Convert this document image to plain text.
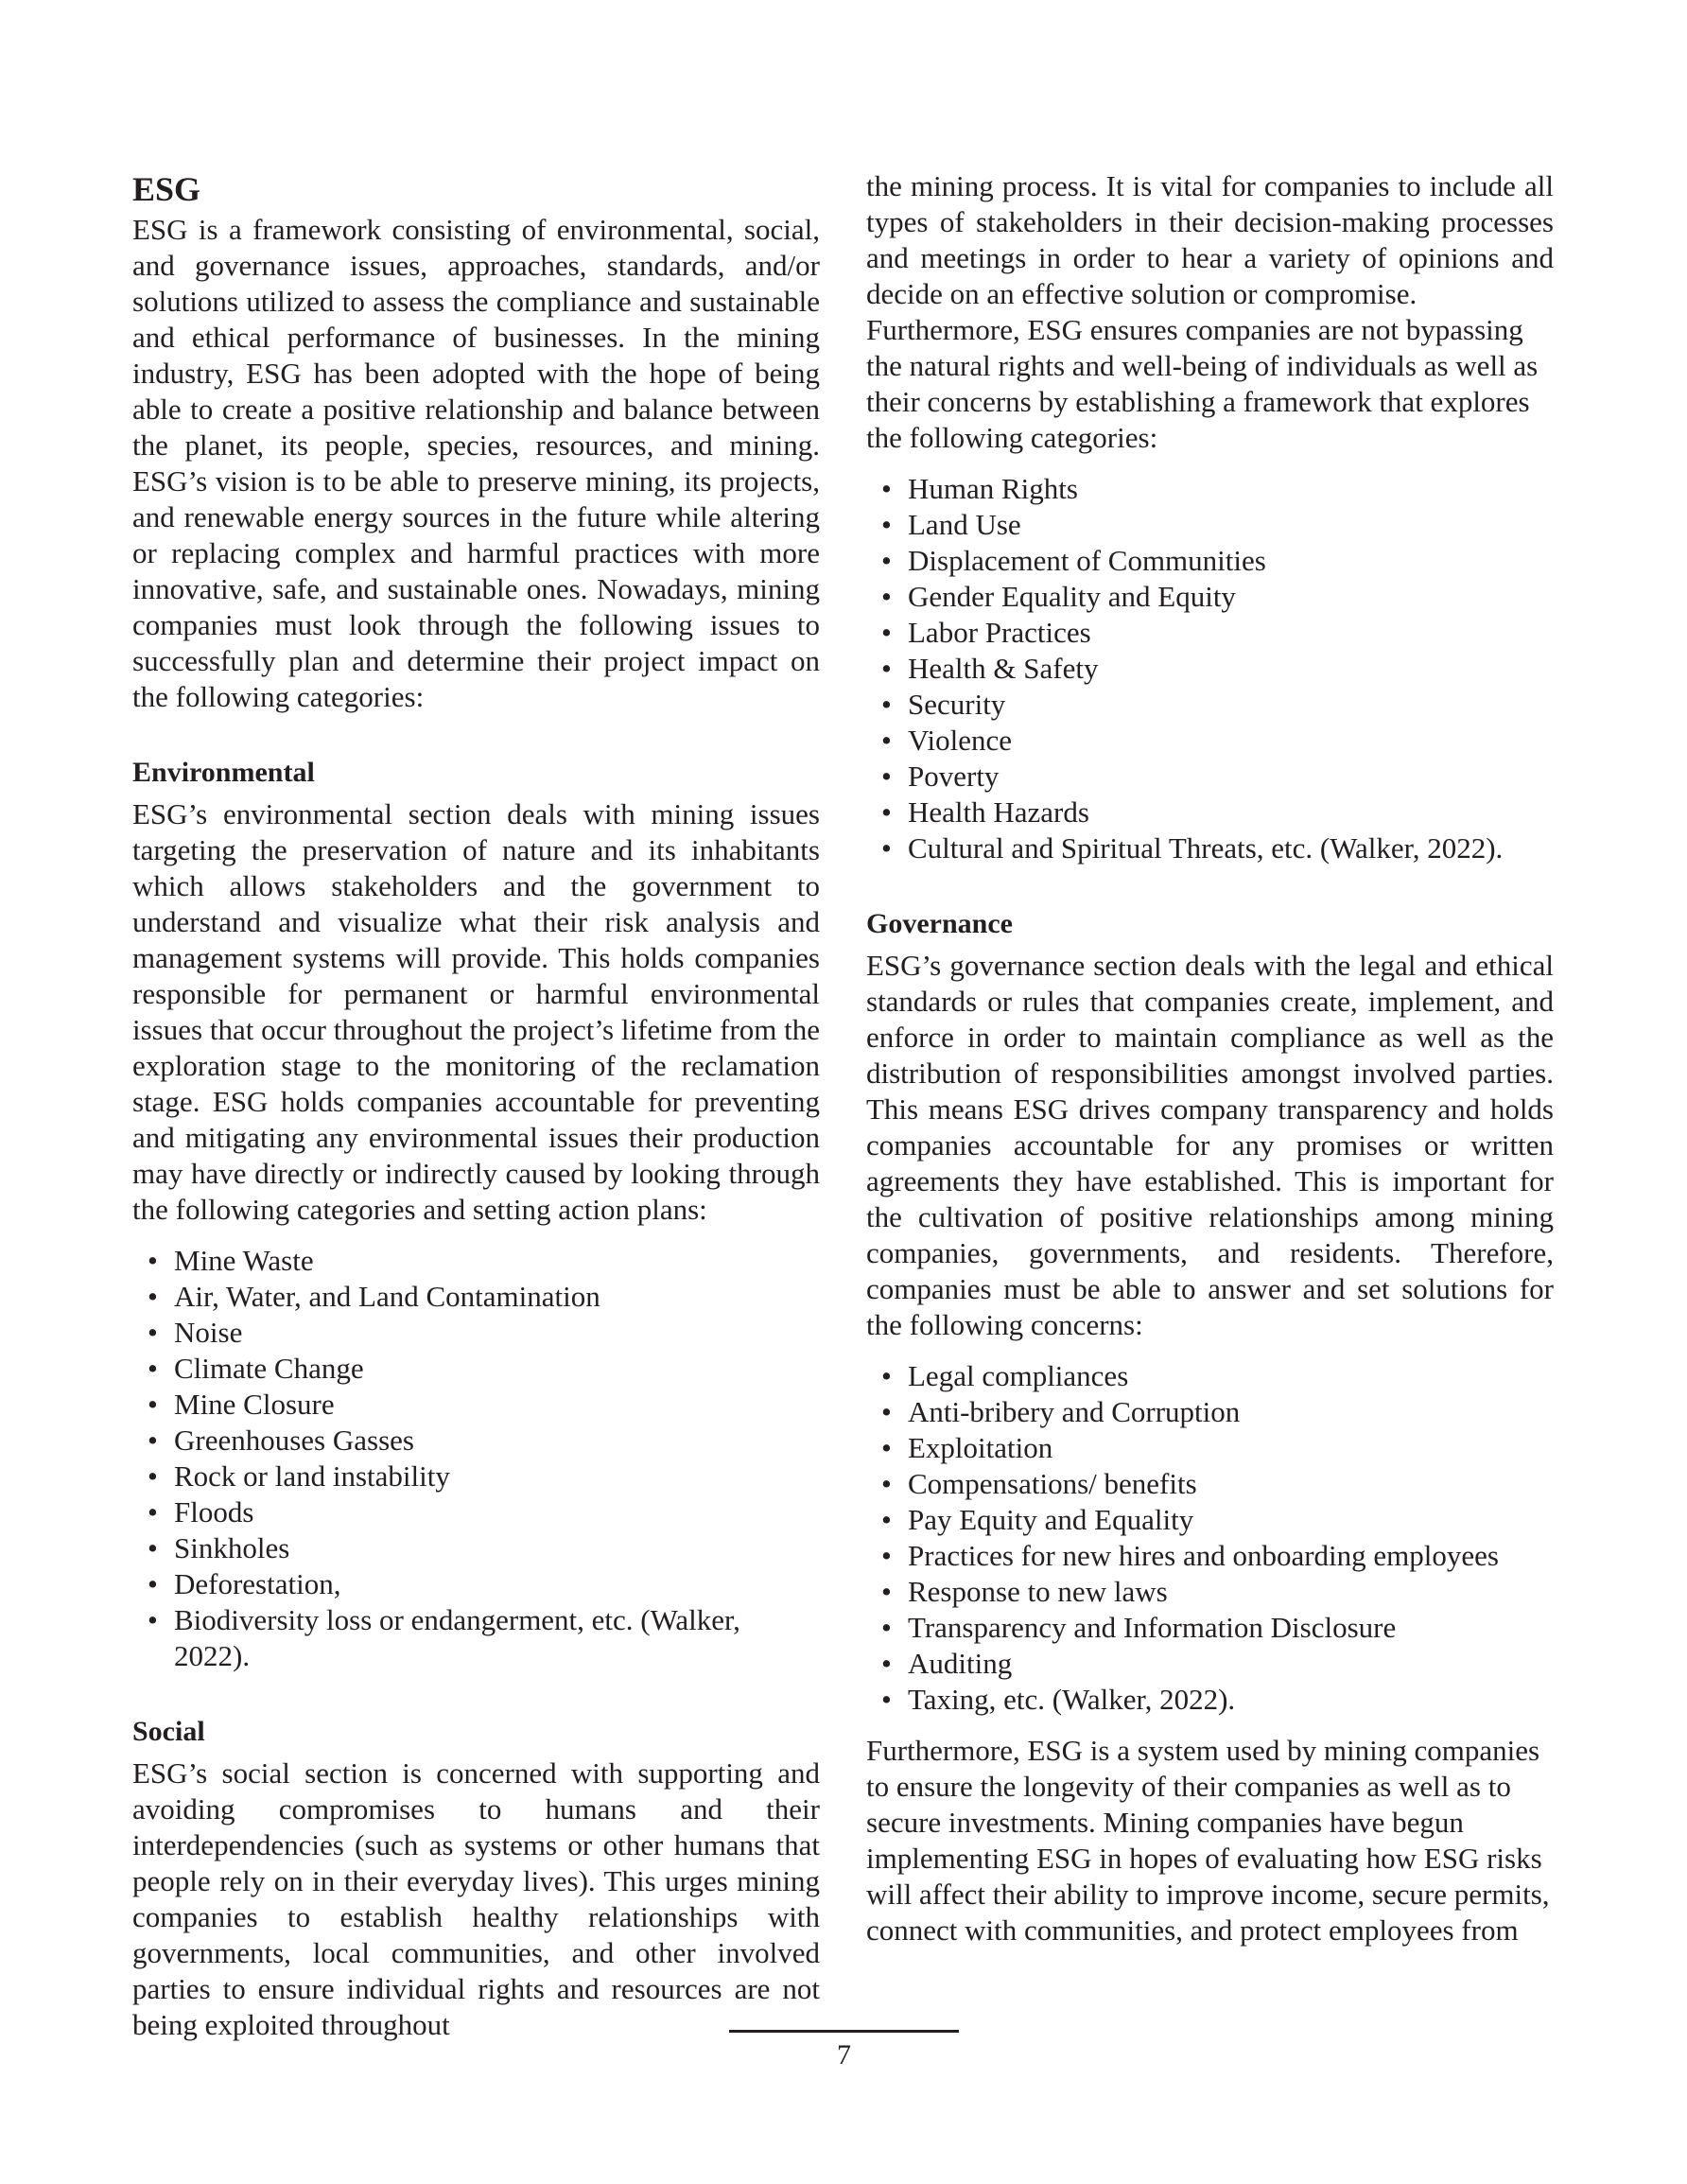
ESG

ESG is a framework consisting of environmental, social, and governance issues, approaches, standards, and/or solutions utilized to assess the compliance and sustainable and ethical performance of businesses. In the mining industry, ESG has been adopted with the hope of being able to create a positive relationship and balance between the planet, its people, species, resources, and mining. ESG’s vision is to be able to preserve mining, its projects, and renewable energy sources in the future while altering or replacing complex and harmful practices with more innovative, safe, and sustainable ones. Nowadays, mining companies must look through the following issues to successfully plan and determine their project impact on the following categories:

Environmental

ESG’s environmental section deals with mining issues targeting the preservation of nature and its inhabitants which allows stakeholders and the government to understand and visualize what their risk analysis and management systems will provide. This holds companies responsible for permanent or harmful environmental issues that occur throughout the project’s lifetime from the exploration stage to the monitoring of the reclamation stage. ESG holds companies accountable for preventing and mitigating any environmental issues their production may have directly or indirectly caused by looking through the following categories and setting action plans:

• Mine Waste
• Air, Water, and Land Contamination
• Noise
• Climate Change
• Mine Closure
• Greenhouses Gasses
• Rock or land instability
• Floods
• Sinkholes
• Deforestation,
• Biodiversity loss or endangerment, etc. (Walker, 2022).
Social

ESG’s social section is concerned with supporting and avoiding compromises to humans and their interdependencies (such as systems or other humans that people rely on in their everyday lives). This urges mining companies to establish healthy relationships with governments, local communities, and other involved parties to ensure individual rights and resources are not being exploited throughout

the mining process. It is vital for companies to include all types of stakeholders in their decision-making processes and meetings in order to hear a variety of opinions and decide on an effective solution or compromise.

Furthermore, ESG ensures companies are not bypassing the natural rights and well-being of individuals as well as their concerns by establishing a framework that explores the following categories:

• Human Rights
• Land Use
• Displacement of Communities
• Gender Equality and Equity
• Labor Practices
• Health & Safety
• Security
• Violence
• Poverty
• Health Hazards
• Cultural and Spiritual Threats, etc. (Walker, 2022).
Governance

ESG’s governance section deals with the legal and ethical standards or rules that companies create, implement, and enforce in order to maintain compliance as well as the distribution of responsibilities amongst involved parties. This means ESG drives company transparency and holds companies accountable for any promises or written agreements they have established. This is important for the cultivation of positive relationships among mining companies, governments, and residents. Therefore, companies must be able to answer and set solutions for the following concerns:

• Legal compliances
• Anti-bribery and Corruption
• Exploitation
• Compensations/ benefits
• Pay Equity and Equality
• Practices for new hires and onboarding employees
• Response to new laws
• Transparency and Information Disclosure
• Auditing
• Taxing, etc. (Walker, 2022).

Furthermore, ESG is a system used by mining companies to ensure the longevity of their companies as well as to secure investments. Mining companies have begun implementing ESG in hopes of evaluating how ESG risks will affect their ability to improve income, secure permits, connect with communities, and protect employees from

7
